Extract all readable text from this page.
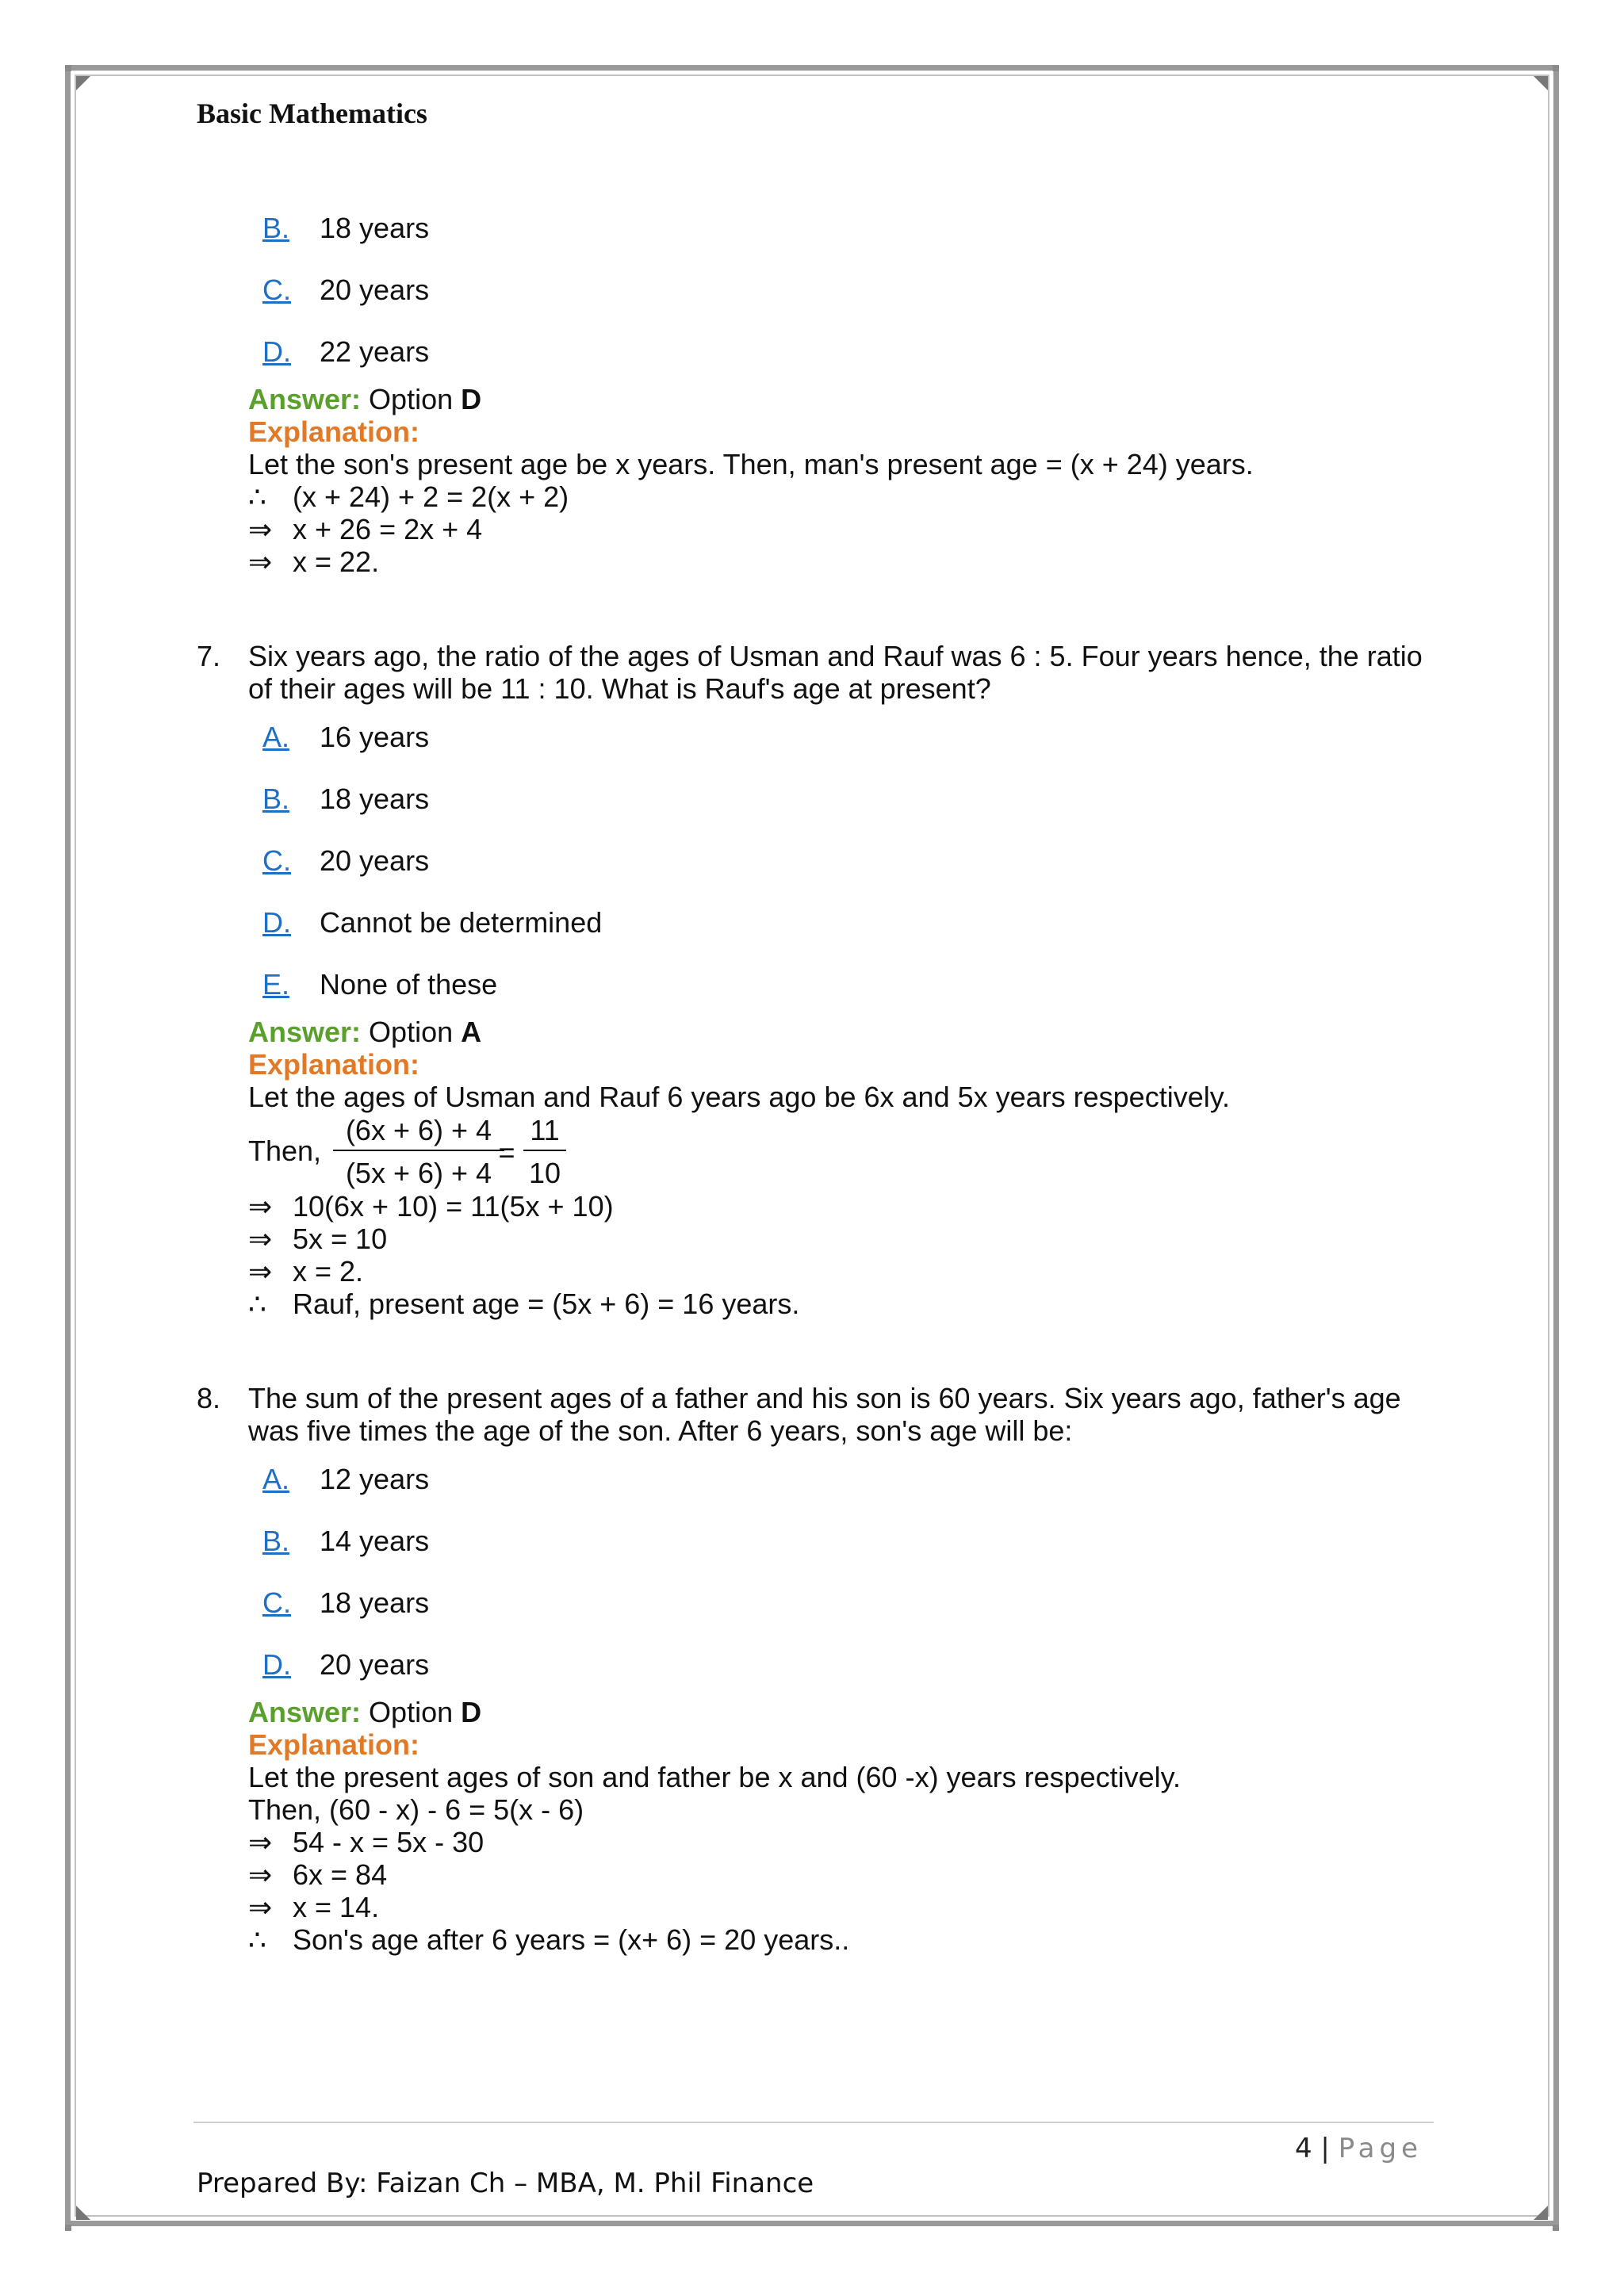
Basic Mathematics
B. 18 years
C. 20 years
D. 22 years
Answer: Option D
Explanation:
Let the son's present age be x years. Then, man's present age = (x + 24) years.
∴ (x + 24) + 2 = 2(x + 2)
⇒ x + 26 = 2x + 4
⇒ x = 22.
7. Six years ago, the ratio of the ages of Usman and Rauf was 6 : 5. Four years hence, the ratio
of their ages will be 11 : 10. What is Rauf's age at present?
A. 16 years
B. 18 years
C. 20 years
D. Cannot be determined
E. None of these
Answer: Option A
Explanation:
Let the ages of Usman and Rauf 6 years ago be 6x and 5x years respectively.
Then,
(6x + 6) + 4
(5x + 6) + 4
=
11
10
⇒ 10(6x + 10) = 11(5x + 10)
⇒ 5x = 10
⇒ x = 2.
∴ Rauf, present age = (5x + 6) = 16 years.
8. The sum of the present ages of a father and his son is 60 years. Six years ago, father's age
was five times the age of the son. After 6 years, son's age will be:
A. 12 years
B. 14 years
C. 18 years
D. 20 years
Answer: Option D
Explanation:
Let the present ages of son and father be x and (60 -x) years respectively.
Then, (60 - x) - 6 = 5(x - 6)
⇒ 54 - x = 5x - 30
⇒ 6x = 84
⇒ x = 14.
∴ Son's age after 6 years = (x+ 6) = 20 years..
4 | Page
Prepared By: Faizan Ch – MBA, M. Phil Finance
